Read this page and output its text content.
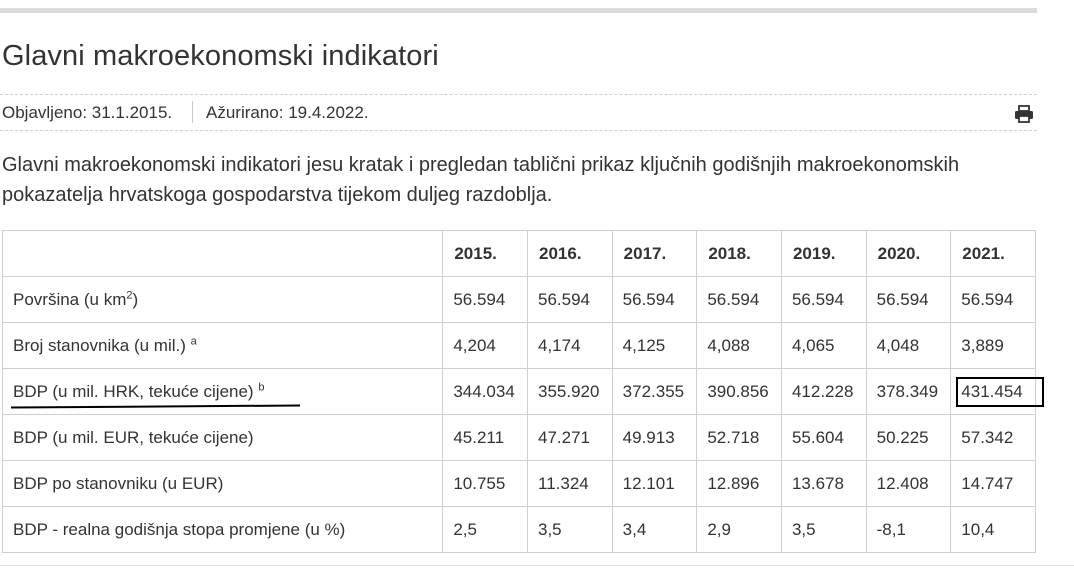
Glavni makroekonomski indikatori
Objavljeno: 31.1.2015. Ažurirano: 19.4.2022.

Glavni makroekonomski indikatori jesu kratak i pregledan tablični prikaz ključnih godišnjih makroekonomskih pokazatelja hrvatskoga gospodarstva tijekom duljeg razdoblja.

	2015.	2016.	2017.	2018.	2019.	2020.	2021.
Površina (u $km^2$)	56.594	56.594	56.594	56.594	56.594	56.594	56.594
Broj stanovnika (u mil.) $^a$	4,204	4,174	4,125	4,088	4,065	4,048	3,889
BDP (u mil. HRK, tekuće cijene) $^b$	344.034	355.920	372.355	390.856	412.228	378.349	431.454
BDP (u mil. EUR, tekuće cijene)	45.211	47.271	49.913	52.718	55.604	50.225	57.342
BDP po stanovniku (u EUR)	10.755	11.324	12.101	12.896	13.678	12.408	14.747
BDP - realna godišnja stopa promjene (u %)	2,5	3,5	3,4	2,9	3,5	-8,1	10,4
